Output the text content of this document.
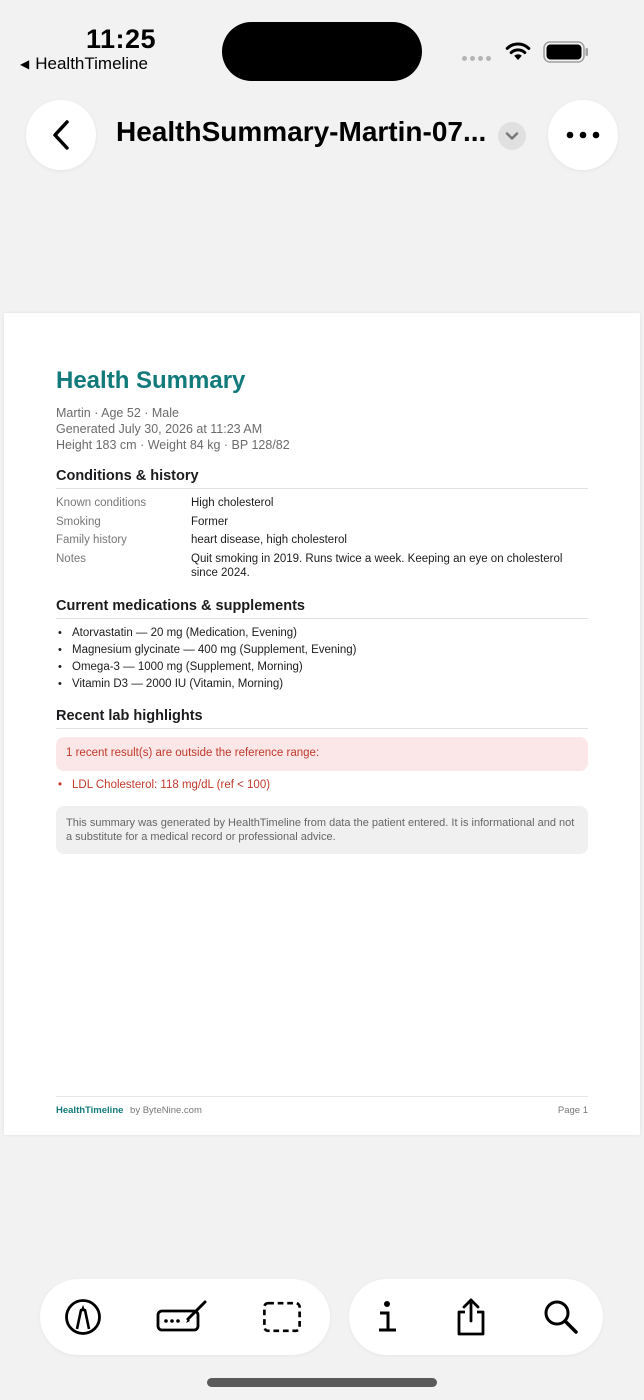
11:25
◀ HealthTimeline
HealthSummary-Martin-07...
Health Summary
Martin · Age 52 · Male
Generated July 30, 2026 at 11:23 AM
Height 183 cm · Weight 84 kg · BP 128/82
Conditions & history
Known conditions	High cholesterol
Smoking	Former
Family history	heart disease, high cholesterol
Notes	Quit smoking in 2019. Runs twice a week. Keeping an eye on cholesterol since 2024.
Current medications & supplements
• Atorvastatin — 20 mg (Medication, Evening)
• Magnesium glycinate — 400 mg (Supplement, Evening)
• Omega-3 — 1000 mg (Supplement, Morning)
• Vitamin D3 — 2000 IU (Vitamin, Morning)
Recent lab highlights
1 recent result(s) are outside the reference range:
• LDL Cholesterol: 118 mg/dL (ref < 100)
This summary was generated by HealthTimeline from data the patient entered. It is informational and not a substitute for a medical record or professional advice.
HealthTimeline by ByteNine.com	Page 1
